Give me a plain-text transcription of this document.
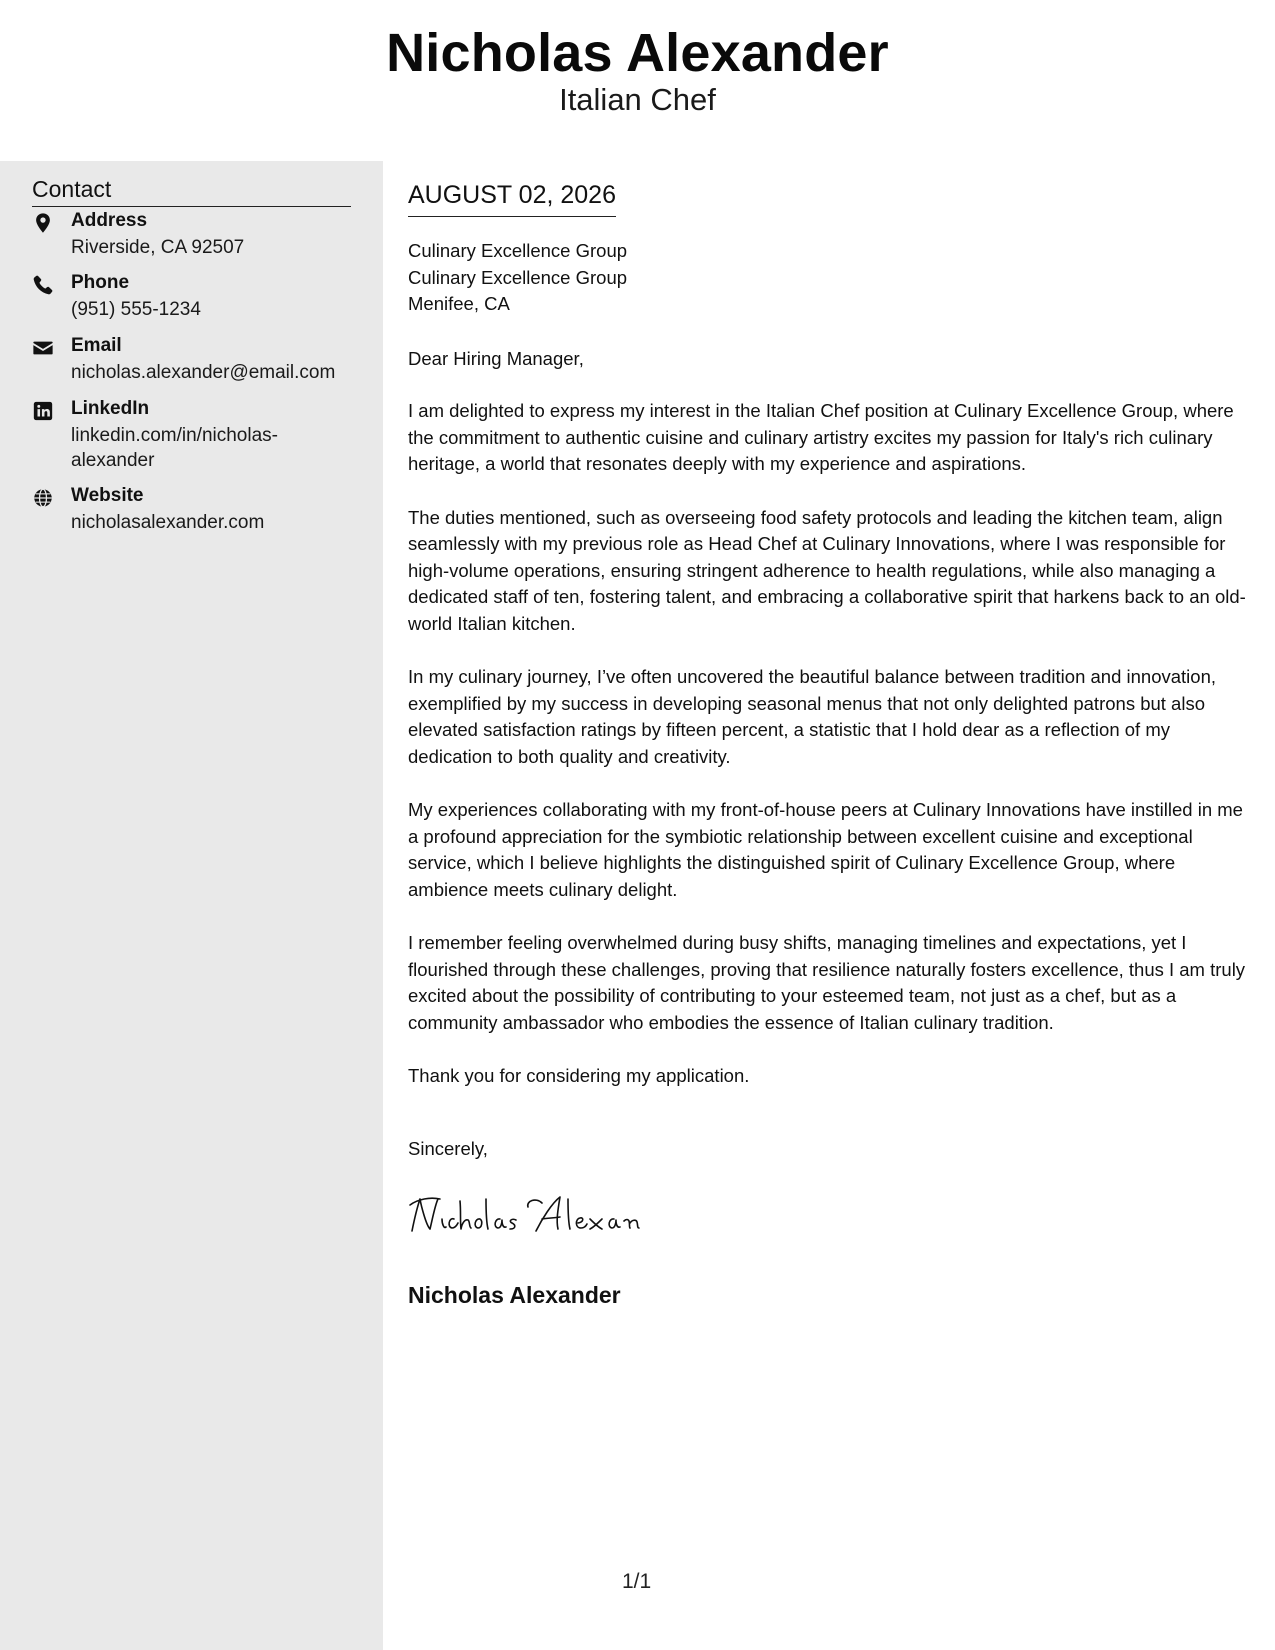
Nicholas Alexander
Italian Chef
Contact
Address
Riverside, CA 92507
Phone
(951) 555-1234
Email
nicholas.alexander@email.com
LinkedIn
linkedin.com/in/nicholas-alexander
Website
nicholasalexander.com
AUGUST 02, 2026
Culinary Excellence Group
Culinary Excellence Group
Menifee, CA
Dear Hiring Manager,

I am delighted to express my interest in the Italian Chef position at Culinary Excellence Group, where the commitment to authentic cuisine and culinary artistry excites my passion for Italy's rich culinary heritage, a world that resonates deeply with my experience and aspirations.

The duties mentioned, such as overseeing food safety protocols and leading the kitchen team, align seamlessly with my previous role as Head Chef at Culinary Innovations, where I was responsible for high-volume operations, ensuring stringent adherence to health regulations, while also managing a dedicated staff of ten, fostering talent, and embracing a collaborative spirit that harkens back to an old-world Italian kitchen.

In my culinary journey, I’ve often uncovered the beautiful balance between tradition and innovation, exemplified by my success in developing seasonal menus that not only delighted patrons but also elevated satisfaction ratings by fifteen percent, a statistic that I hold dear as a reflection of my dedication to both quality and creativity.

My experiences collaborating with my front-of-house peers at Culinary Innovations have instilled in me a profound appreciation for the symbiotic relationship between excellent cuisine and exceptional service, which I believe highlights the distinguished spirit of Culinary Excellence Group, where ambience meets culinary delight.

I remember feeling overwhelmed during busy shifts, managing timelines and expectations, yet I flourished through these challenges, proving that resilience naturally fosters excellence, thus I am truly excited about the possibility of contributing to your esteemed team, not just as a chef, but as a community ambassador who embodies the essence of Italian culinary tradition.

Thank you for considering my application.

Sincerely,
Nicholas Alexander
1/1
